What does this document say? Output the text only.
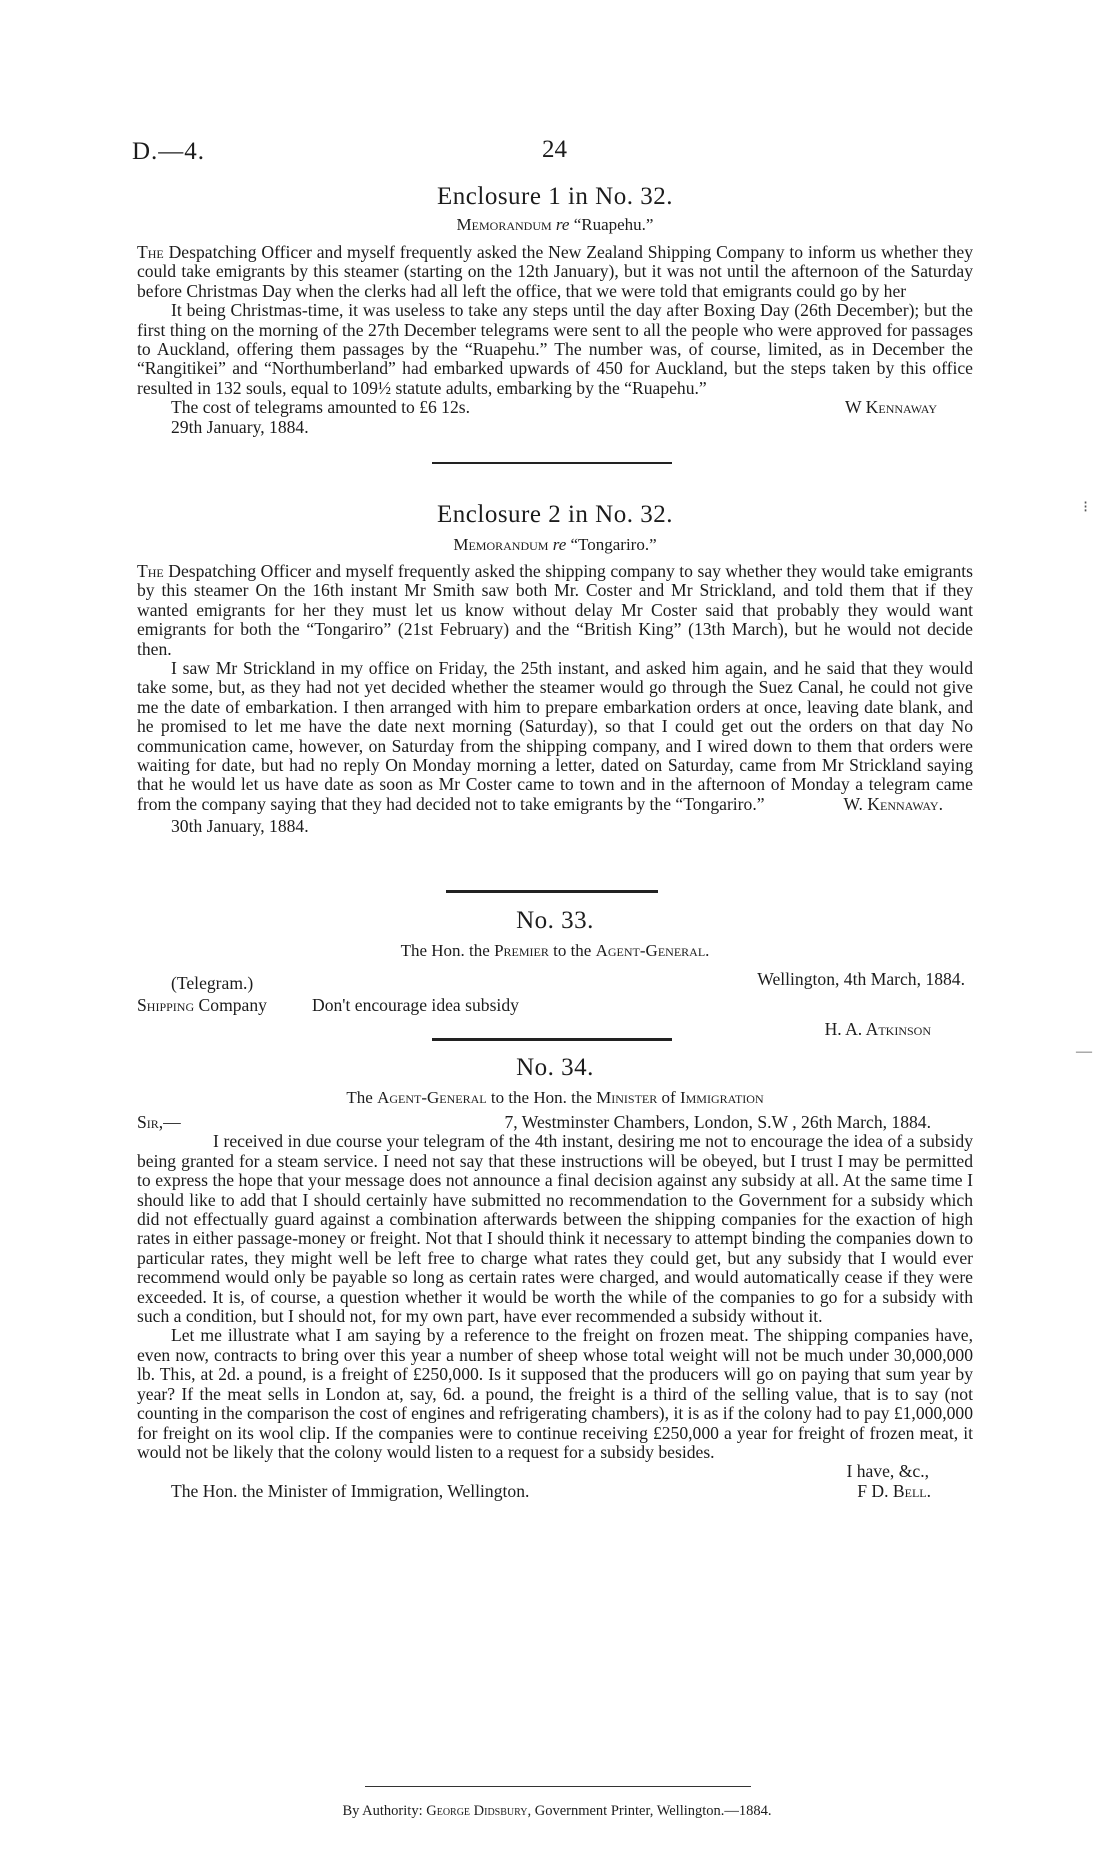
D.—4.	24
⁝
—
Enclosure 1 in No. 32.
Memorandum re “Ruapehu.”

The Despatching Officer and myself frequently asked the New Zealand Shipping Company to inform us whether they could take emigrants by this steamer (starting on the 12th January), but it was not until the afternoon of the Saturday before Christmas Day when the clerks had all left the office, that we were told that emigrants could go by her

It being Christmas-time, it was useless to take any steps until the day after Boxing Day (26th December); but the first thing on the morning of the 27th December telegrams were sent to all the people who were approved for passages to Auckland, offering them passages by the “Ruapehu.” The number was, of course, limited, as in December the “Rangitikei” and “Northumberland” had embarked upwards of 450 for Auckland, but the steps taken by this office resulted in 132 souls, equal to 109½ statute adults, embarking by the “Ruapehu.”

The cost of telegrams amounted to £6 12s.	W Kennaway
29th January, 1884.
Enclosure 2 in No. 32.
Memorandum re “Tongariro.”

The Despatching Officer and myself frequently asked the shipping company to say whether they would take emigrants by this steamer On the 16th instant Mr Smith saw both Mr. Coster and Mr Strickland, and told them that if they wanted emigrants for her they must let us know without delay Mr Coster said that probably they would want emigrants for both the “Tongariro” (21st February) and the “British King” (13th March), but he would not decide then.

I saw Mr Strickland in my office on Friday, the 25th instant, and asked him again, and he said that they would take some, but, as they had not yet decided whether the steamer would go through the Suez Canal, he could not give me the date of embarkation. I then arranged with him to prepare embarkation orders at once, leaving date blank, and he promised to let me have the date next morning (Saturday), so that I could get out the orders on that day No communication came, however, on Saturday from the shipping company, and I wired down to them that orders were waiting for date, but had no reply On Monday morning a letter, dated on Saturday, came from Mr Strickland saying that he would let us have date as soon as Mr Coster came to town and in the afternoon of Monday a telegram came from the company saying that they had decided not to take emigrants by the “Tongariro.”	W. Kennaway.
30th January, 1884.
No. 33.
The Hon. the Premier to the Agent-General.
(Telegram.)	Wellington, 4th March, 1884.
Shipping Company	Don't encourage idea subsidy
H. A. Atkinson
No. 34.
The Agent-General to the Hon. the Minister of Immigration
Sir,—	7, Westminster Chambers, London, S.W , 26th March, 1884.

I received in due course your telegram of the 4th instant, desiring me not to encourage the idea of a subsidy being granted for a steam service. I need not say that these instructions will be obeyed, but I trust I may be permitted to express the hope that your message does not announce a final decision against any subsidy at all. At the same time I should like to add that I should certainly have submitted no recommendation to the Government for a subsidy which did not effectually guard against a combination afterwards between the shipping companies for the exaction of high rates in either passage-money or freight. Not that I should think it necessary to attempt binding the companies down to particular rates, they might well be left free to charge what rates they could get, but any subsidy that I would ever recommend would only be payable so long as certain rates were charged, and would automatically cease if they were exceeded. It is, of course, a question whether it would be worth the while of the companies to go for a subsidy with such a condition, but I should not, for my own part, have ever recommended a subsidy without it.

Let me illustrate what I am saying by a reference to the freight on frozen meat. The shipping companies have, even now, contracts to bring over this year a number of sheep whose total weight will not be much under 30,000,000 lb. This, at 2d. a pound, is a freight of £250,000. Is it supposed that the producers will go on paying that sum year by year? If the meat sells in London at, say, 6d. a pound, the freight is a third of the selling value, that is to say (not counting in the comparison the cost of engines and refrigerating chambers), it is as if the colony had to pay £1,000,000 for freight on its wool clip. If the companies were to continue receiving £250,000 a year for freight of frozen meat, it would not be likely that the colony would listen to a request for a subsidy besides.

I have, &c.,
The Hon. the Minister of Immigration, Wellington.	F D. Bell.
By Authority: George Didsbury, Government Printer, Wellington.—1884.
